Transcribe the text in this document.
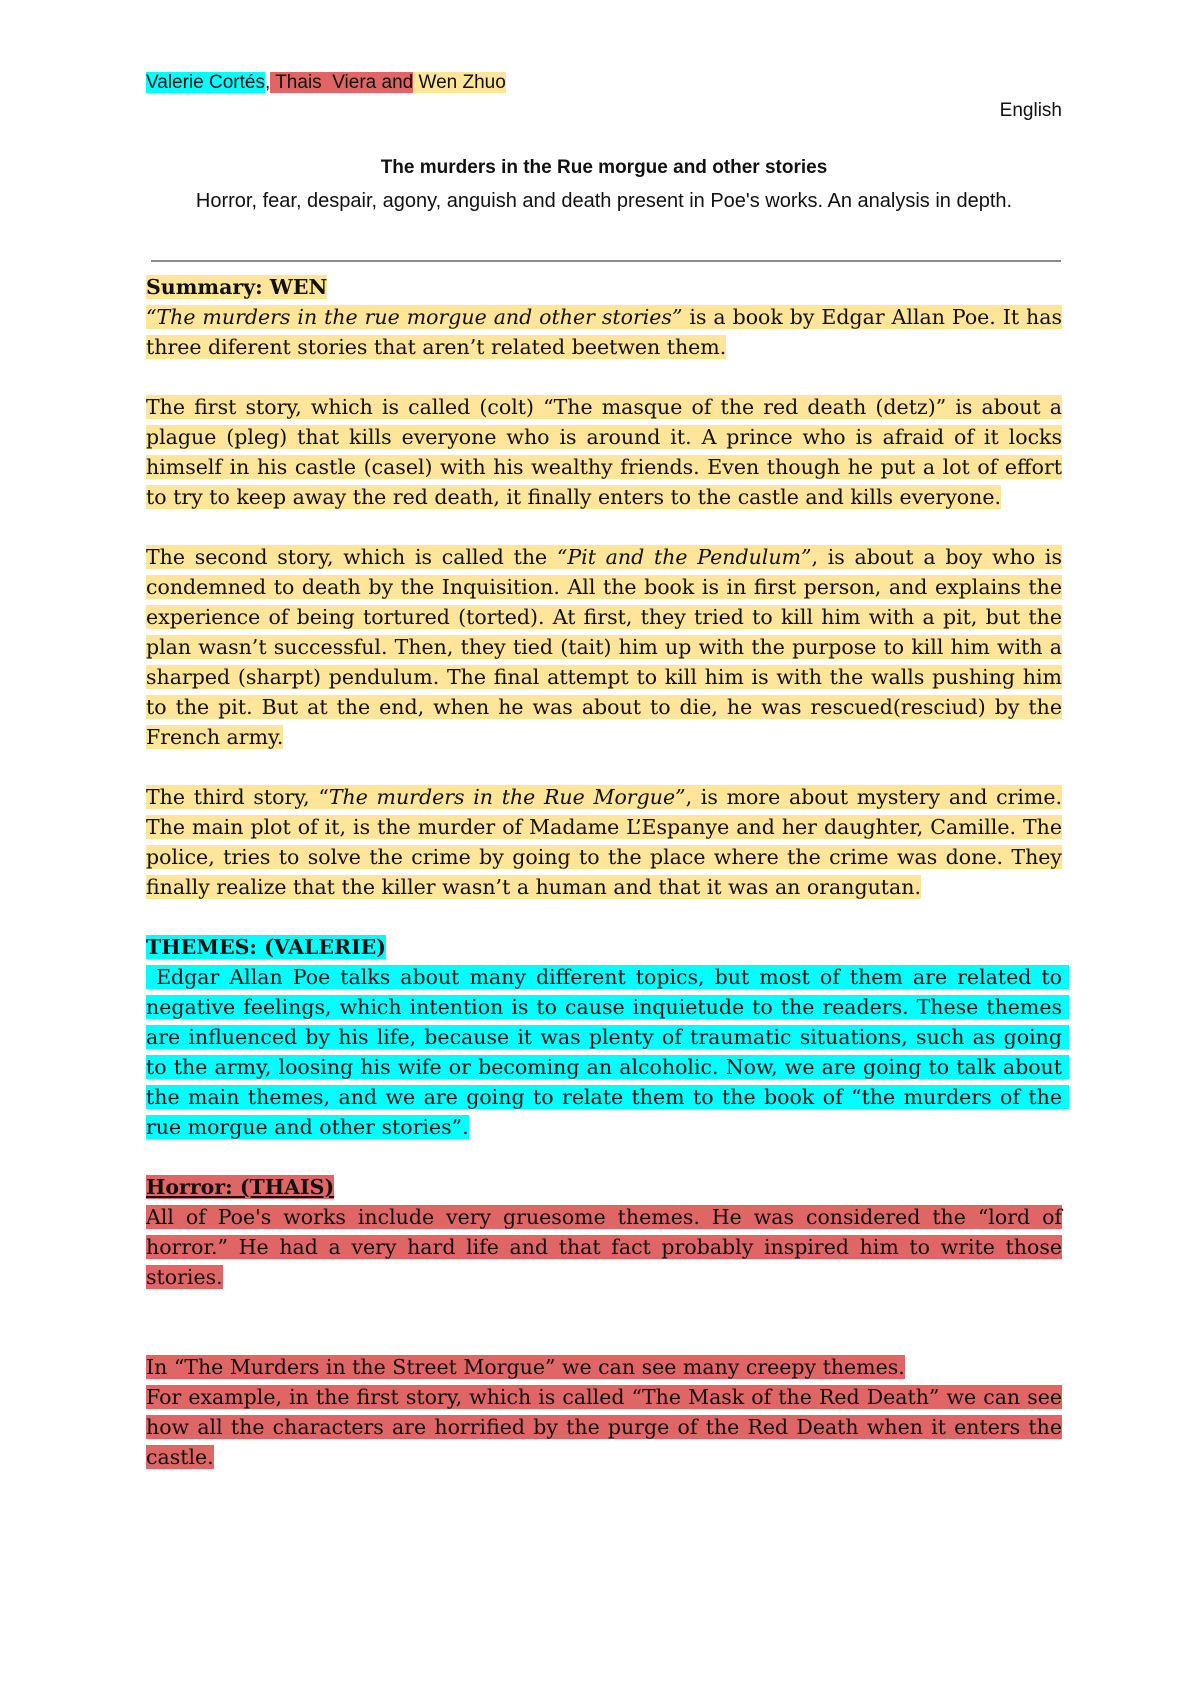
Valerie Cortés, Thais  Viera and Wen Zhuo
English
The murders in the Rue morgue and other stories
Horror, fear, despair, agony, anguish and death present in Poe's works. An analysis in depth.

Summary: WEN

“The murders in the rue morgue and other stories” is a book by Edgar Allan Poe. It has three diferent stories that aren’t related beetwen them.

The first story, which is called (colt) “The masque of the red death (detz)” is about a plague (pleg) that kills everyone who is around it. A prince who is afraid of it locks himself in his castle (casel) with his wealthy friends. Even though he put a lot of effort to try to keep away the red death, it finally enters to the castle and kills everyone.

The second story, which is called the “Pit and the Pendulum”, is about a boy who is condemned to death by the Inquisition. All the book is in first person, and explains the experience of being tortured (torted). At first, they tried to kill him with a pit, but the plan wasn’t successful. Then, they tied (tait) him up with the purpose to kill him with a sharped (sharpt) pendulum. The final attempt to kill him is with the walls pushing him to the pit. But at the end, when he was about to die, he was rescued(resciud) by the French army.

The third story, “The murders in the Rue Morgue”, is more about mystery and crime. The main plot of it, is the murder of Madame L’Espanye and her daughter, Camille. The police, tries to solve the crime by going to the place where the crime was done. They finally realize that the killer wasn’t a human and that it was an orangutan.

THEMES: (VALERIE)

Edgar Allan Poe talks about many different topics, but most of them are related to negative feelings, which intention is to cause inquietude to the readers. These themes are influenced by his life, because it was plenty of traumatic situations, such as going to the army, loosing his wife or becoming an alcoholic. Now, we are going to talk about the main themes, and we are going to relate them to the book of “the murders of the rue morgue and other stories”.

Horror: (THAIS)

All of Poe's works include very gruesome themes. He was considered the “lord of horror.” He had a very hard life and that fact probably inspired him to write those stories.

In “The Murders in the Street Morgue” we can see many creepy themes.

For example, in the first story, which is called “The Mask of the Red Death” we can see how all the characters are horrified by the purge of the Red Death when it enters the castle.
